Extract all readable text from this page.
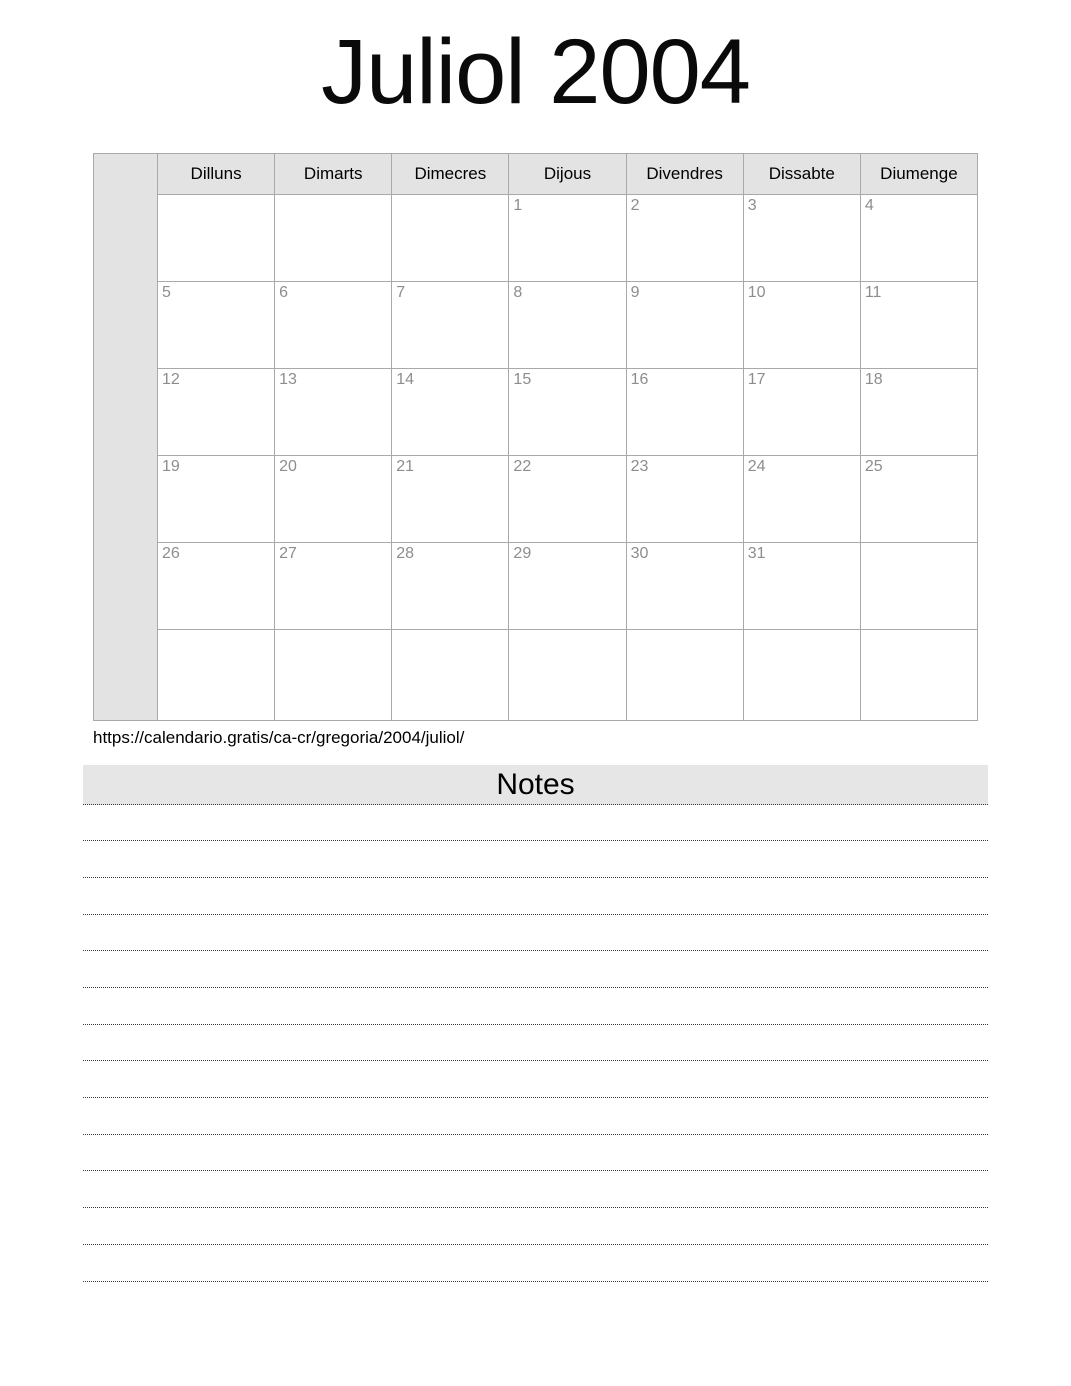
Juliol 2004
	Dilluns	Dimarts	Dimecres	Dijous	Divendres	Dissabte	Diumenge
				1	2	3	4
	5	6	7	8	9	10	11
	12	13	14	15	16	17	18
	19	20	21	22	23	24	25
	26	27	28	29	30	31	

https://calendario.gratis/ca-cr/gregoria/2004/juliol/
Notes
